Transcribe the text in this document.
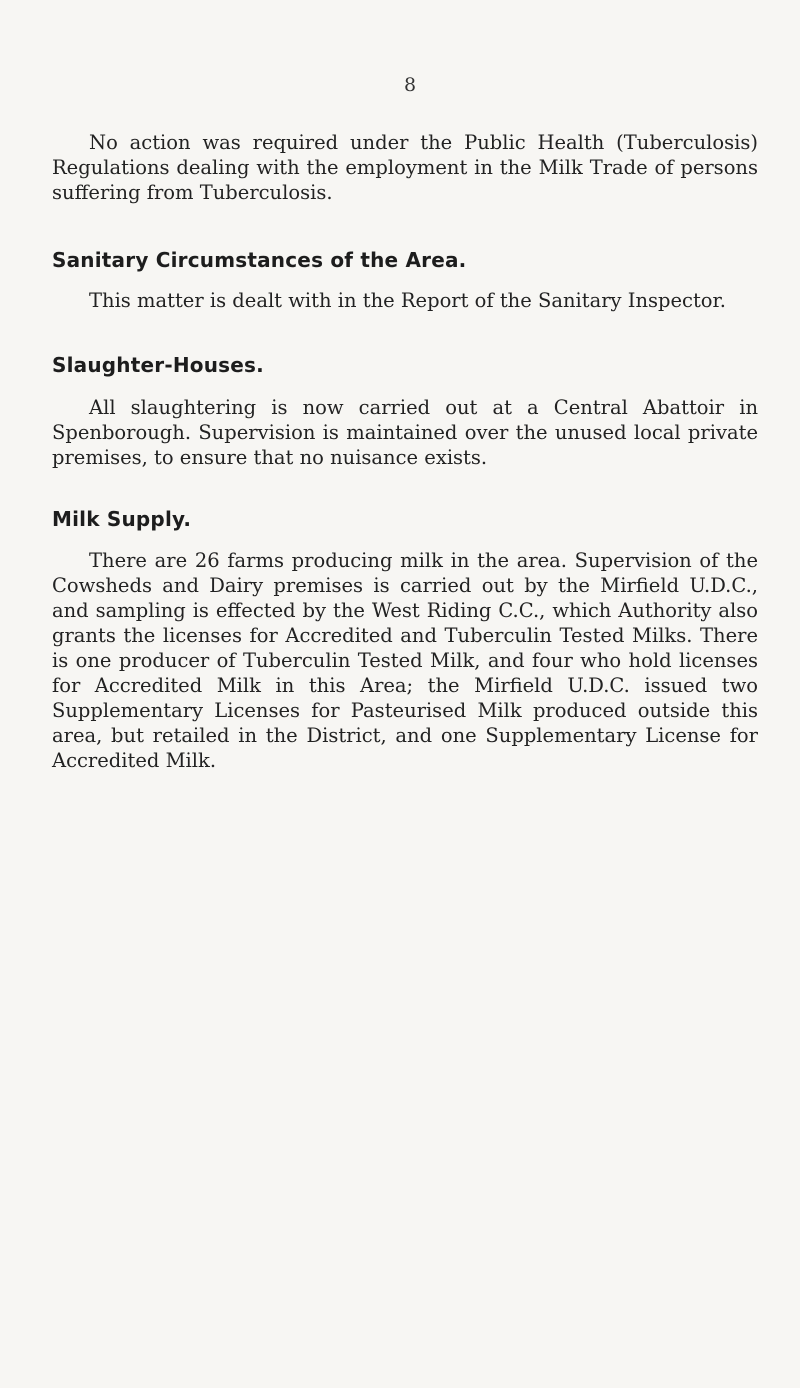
8

No action was required under the Public Health (Tuberculosis) Regulations dealing with the employment in the Milk Trade of persons suffering from Tuberculosis.

Sanitary Circumstances of the Area.

This matter is dealt with in the Report of the Sanitary Inspector.

Slaughter-Houses.

All slaughtering is now carried out at a Central Abattoir in Spenborough. Supervision is maintained over the unused local private premises, to ensure that no nuisance exists.

Milk Supply.

There are 26 farms producing milk in the area. Supervision of the Cowsheds and Dairy premises is carried out by the Mirfield U.D.C., and sampling is effected by the West Riding C.C., which Authority also grants the licenses for Accredited and Tuberculin Tested Milks. There is one producer of Tuberculin Tested Milk, and four who hold licenses for Accredited Milk in this Area; the Mirfield U.D.C. issued two Supplementary Licenses for Pasteurised Milk produced outside this area, but retailed in the District, and one Supplementary License for Accredited Milk.
